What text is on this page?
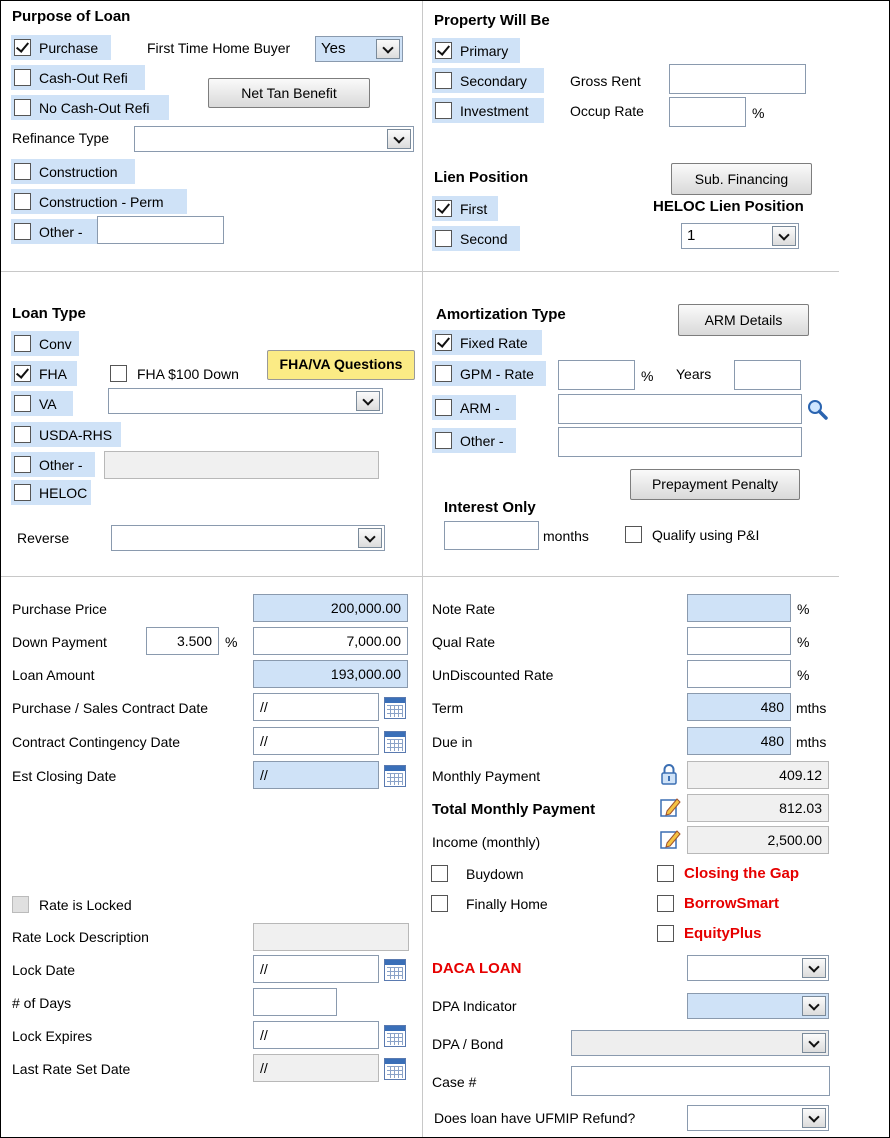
Purpose of Loan
Purchase	First Time Home Buyer	Yes
Cash-Out Refi
Net Tan Benefit
No Cash-Out Refi
Refinance Type
Construction
Construction - Perm
Other -
Property Will Be
Primary
Secondary	Gross Rent
Investment	Occup Rate	%
Lien Position	Sub. Financing
First	HELOC Lien Position
Second	1
Loan Type
Conv
FHA	FHA $100 Down
FHA/VA Questions
VA
USDA-RHS
Other -
HELOC
Reverse
Amortization Type	ARM Details
Fixed Rate
GPM - Rate	% Years
ARM -
Other -
Prepayment Penalty
Interest Only
months	Qualify using P&I
Purchase Price	200,000.00
Down Payment	3.500 %	7,000.00
Loan Amount	193,000.00
Purchase / Sales Contract Date	//
Contract Contingency Date	//
Est Closing Date	//
Rate is Locked
Rate Lock Description
Lock Date	//
# of Days
Lock Expires	//
Last Rate Set Date	//
Note Rate	%
Qual Rate	%
UnDiscounted Rate	%
Term	480 mths
Due in	480 mths
Monthly Payment	409.12
Total Monthly Payment	812.03
Income (monthly)	2,500.00
Buydown	Closing the Gap
Finally Home	BorrowSmart
EquityPlus
DACA LOAN
DPA Indicator
DPA / Bond
Case #
Does loan have UFMIP Refund?
